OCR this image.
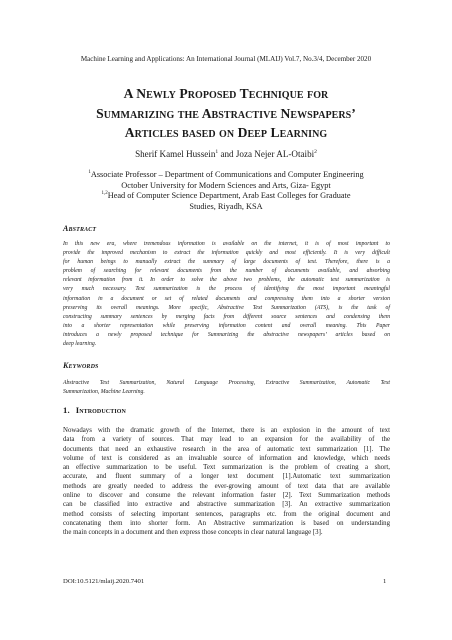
Machine Learning and Applications: An International Journal (MLAIJ) Vol.7, No.3/4, December 2020
A Newly Proposed Technique for
Summarizing the Abstractive Newspapers’
Articles based on Deep Learning
Sherif Kamel Hussein$^1$ and Joza Nejer AL-Otaibi$^2$
$^1$Associate Professor – Department of Communications and Computer Engineering
October University for Modern Sciences and Arts, Giza- Egypt
$^{1,2}$Head of Computer Science Department, Arab East Colleges for Graduate
Studies, Riyadh, KSA
Abstract
In this new era, where tremendous information is available on the internet, it is of most important to
provide the improved mechanism to extract the information quickly and most efficiently. It is very difficult
for human beings to manually extract the summary of large documents of text. Therefore, there is a
problem of searching for relevant documents from the number of documents available, and absorbing
relevant information from it. In order to solve the above two problems, the automatic text summarization is
very much necessary. Text summarization is the process of identifying the most important meaningful
information in a document or set of related documents and compressing them into a shorter version
preserving its overall meanings. More specific, Abstractive Text Summarization (ATS), is the task of
constructing summary sentences by merging facts from different source sentences and condensing them
into a shorter representation while preserving information content and overall meaning. This Paper
introduces a newly proposed technique for Summarizing the abstractive newspapers’ articles based on
deep learning.
Keywords
Abstractive Text Summarization, Natural Language Processing, Extractive Summarization, Automatic Text
Summarization, Machine Learning.
1. Introduction
Nowadays with the dramatic growth of the Internet, there is an explosion in the amount of text
data from a variety of sources. That may lead to an expansion for the availability of the
documents that need an exhaustive research in the area of automatic text summarization [1]. The
volume of text is considered as an invaluable source of information and knowledge, which needs
an effective summarization to be useful. Text summarization is the problem of creating a short,
accurate, and fluent summary of a longer text document [1].Automatic text summarization
methods are greatly needed to address the ever-growing amount of text data that are available
online to discover and consume the relevant information faster [2]. Text Summarization methods
can be classified into extractive and abstractive summarization [3]. An extractive summarization
method consists of selecting important sentences, paragraphs etc. from the original document and
concatenating them into shorter form. An Abstractive summarization is based on understanding
the main concepts in a document and then express those concepts in clear natural language [3].
DOI:10.5121/mlaij.2020.7401	1
